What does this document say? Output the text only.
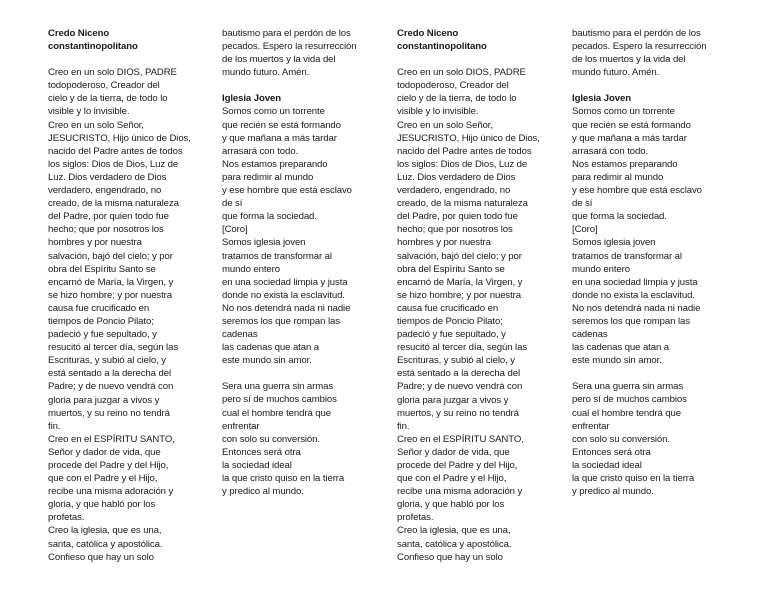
Credo Niceno
constantinopolitano

Creo en un solo DIOS, PADRE
todopoderoso, Creador del
cielo y de la tierra, de todo lo
visible y lo invisible.
Creo en un solo Señor,
JESUCRISTO, Hijo único de Dios,
nacido del Padre antes de todos
los siglos: Dios de Dios, Luz de
Luz. Dios verdadero de Dios
verdadero, engendrado, no
creado, de la misma naturaleza
del Padre, por quien todo fue
hecho; que por nosotros los
hombres y por nuestra
salvación, bajó del cielo; y por
obra del Espíritu Santo se
encarnó de María, la Virgen, y
se hizo hombre; y por nuestra
causa fue crucificado en
tiempos de Poncio Pilato;
padeció y fue sepultado, y
resucitó al tercer día, según las
Escrituras, y subió al cielo, y
está sentado a la derecha del
Padre; y de nuevo vendrá con
gloria para juzgar a vivos y
muertos, y su reino no tendrá
fin.
Creo en el ESPÍRITU SANTO,
Señor y dador de vida, que
procede del Padre y del Hijo,
que con el Padre y el Hijo,
recibe una misma adoración y
gloria, y que habló por los
profetas.
Creo la iglesia, que es una,
santa, católica y apostólica.
Confieso que hay un solo

bautismo para el perdón de los
pecados. Espero la resurrección
de los muertos y la vida del
mundo futuro. Amén.

Iglesia Joven

Somos como un torrente
que recién se está formando
y que mañana a más tardar
arrasará con todo.
Nos estamos preparando
para redimir al mundo
y ese hombre que está esclavo
de sí
que forma la sociedad.
[Coro]
Somos iglesia joven
tratamos de transformar al
mundo entero
en una sociedad limpia y justa
donde no exista la esclavitud.
No nos detendrá nada ni nadie
seremos los que rompan las
cadenas
las cadenas que atan a
este mundo sin amor.

Sera una guerra sin armas
pero sí de muchos cambios
cual el hombre tendrá que
enfrentar
con solo su conversión.
Entonces será otra
la sociedad ideal
la que cristo quiso en la tierra
y predico al mundo.

Credo Niceno
constantinopolitano

Creo en un solo DIOS, PADRE
todopoderoso, Creador del
cielo y de la tierra, de todo lo
visible y lo invisible.
Creo en un solo Señor,
JESUCRISTO, Hijo único de Dios,
nacido del Padre antes de todos
los siglos: Dios de Dios, Luz de
Luz. Dios verdadero de Dios
verdadero, engendrado, no
creado, de la misma naturaleza
del Padre, por quien todo fue
hecho; que por nosotros los
hombres y por nuestra
salvación, bajó del cielo; y por
obra del Espíritu Santo se
encarnó de María, la Virgen, y
se hizo hombre; y por nuestra
causa fue crucificado en
tiempos de Poncio Pilato;
padeció y fue sepultado, y
resucitó al tercer día, según las
Escrituras, y subió al cielo, y
está sentado a la derecha del
Padre; y de nuevo vendrá con
gloria para juzgar a vivos y
muertos, y su reino no tendrá
fin.
Creo en el ESPÍRITU SANTO,
Señor y dador de vida, que
procede del Padre y del Hijo,
que con el Padre y el Hijo,
recibe una misma adoración y
gloria, y que habló por los
profetas.
Creo la iglesia, que es una,
santa, católica y apostólica.
Confieso que hay un solo

bautismo para el perdón de los
pecados. Espero la resurrección
de los muertos y la vida del
mundo futuro. Amén.

Iglesia Joven

Somos como un torrente
que recién se está formando
y que mañana a más tardar
arrasará con todo.
Nos estamos preparando
para redimir al mundo
y ese hombre que está esclavo
de sí
que forma la sociedad.
[Coro]
Somos iglesia joven
tratamos de transformar al
mundo entero
en una sociedad limpia y justa
donde no exista la esclavitud.
No nos detendrá nada ni nadie
seremos los que rompan las
cadenas
las cadenas que atan a
este mundo sin amor.

Sera una guerra sin armas
pero sí de muchos cambios
cual el hombre tendrá que
enfrentar
con solo su conversión.
Entonces será otra
la sociedad ideal
la que cristo quiso en la tierra
y predico al mundo.
